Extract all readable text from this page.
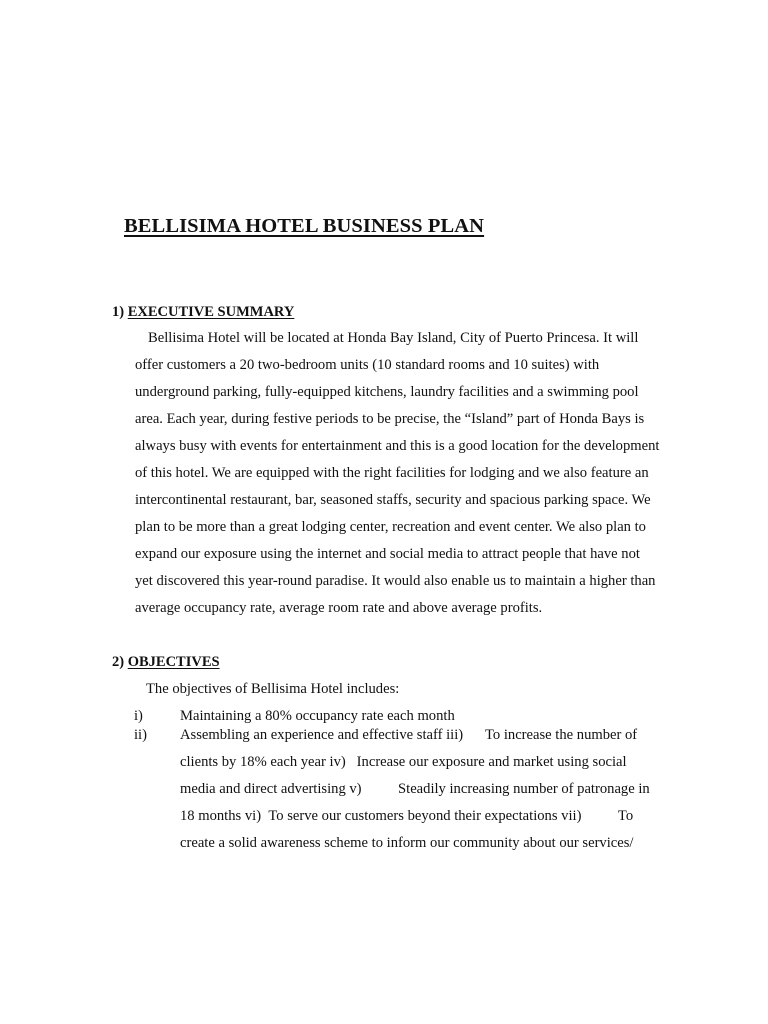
BELLISIMA HOTEL BUSINESS PLAN
1) EXECUTIVE SUMMARY
Bellisima Hotel will be located at Honda Bay Island, City of Puerto Princesa. It will
offer customers a 20 two-bedroom units (10 standard rooms and 10 suites) with
underground parking, fully-equipped kitchens, laundry facilities and a swimming pool
area. Each year, during festive periods to be precise, the “Island” part of Honda Bays is
always busy with events for entertainment and this is a good location for the development
of this hotel. We are equipped with the right facilities for lodging and we also feature an
intercontinental restaurant, bar, seasoned staffs, security and spacious parking space. We
plan to be more than a great lodging center, recreation and event center. We also plan to
expand our exposure using the internet and social media to attract people that have not
yet discovered this year-round paradise. It would also enable us to maintain a higher than
average occupancy rate, average room rate and above average profits.
2) OBJECTIVES
The objectives of Bellisima Hotel includes:
i)	Maintaining a 80% occupancy rate each month
ii) Assembling an experience and effective staff iii)      To increase the number of
clients by 18% each year iv)   Increase our exposure and market using social
media and direct advertising v)          Steadily increasing number of patronage in
18 months vi)  To serve our customers beyond their expectations vii)          To
create a solid awareness scheme to inform our community about our services/
